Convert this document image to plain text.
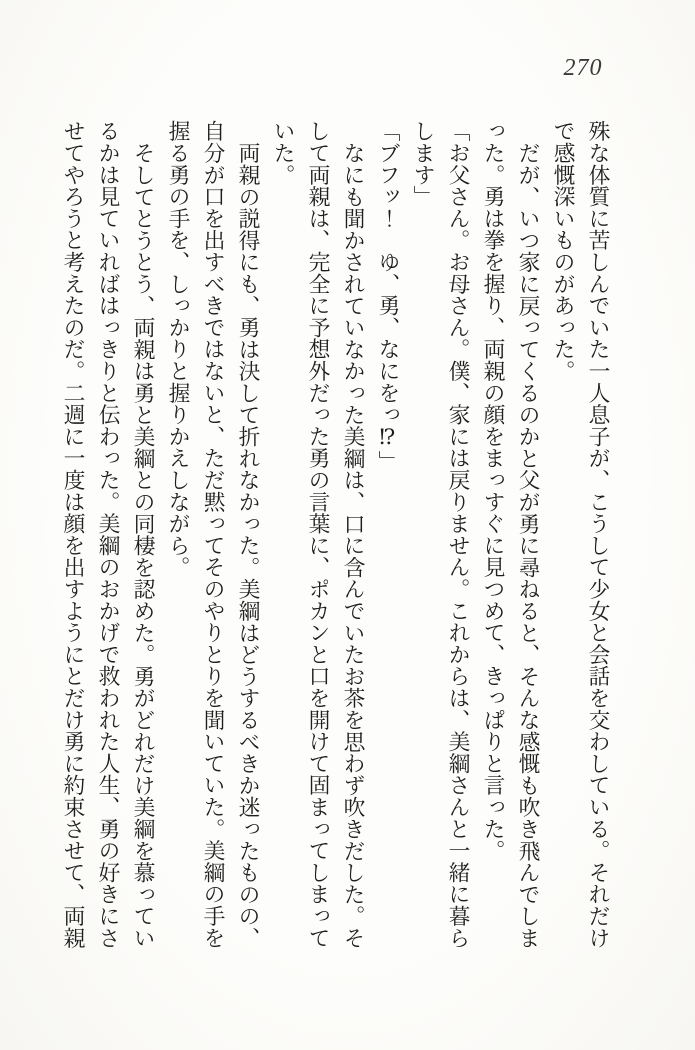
270

殊な体質に苦しんでいた一人息子が、こうして少女と会話を交わしている。それだけで感慨深いものがあった。

だが、いつ家に戻ってくるのかと父が勇に尋ねると、そんな感慨も吹き飛んでしまった。勇は拳を握り、両親の顔をまっすぐに見つめて、きっぱりと言った。

「お父さん。お母さん。僕、家には戻りません。これからは、美綱さんと一緒に暮らします」

「ブフッ！　ゆ、勇、なにをっ⁉」

なにも聞かされていなかった美綱は、口に含んでいたお茶を思わず吹きだした。そして両親は、完全に予想外だった勇の言葉に、ポカンと口を開けて固まってしまっていた。

両親の説得にも、勇は決して折れなかった。美綱はどうするべきか迷ったものの、自分が口を出すべきではないと、ただ黙ってそのやりとりを聞いていた。美綱の手を握る勇の手を、しっかりと握りかえしながら。

そしてとうとう、両親は勇と美綱との同棲を認めた。勇がどれだけ美綱を慕っているかは見ていればはっきりと伝わった。美綱のおかげで救われた人生、勇の好きにさせてやろうと考えたのだ。二週に一度は顔を出すようにとだけ勇に約束させて、両親
